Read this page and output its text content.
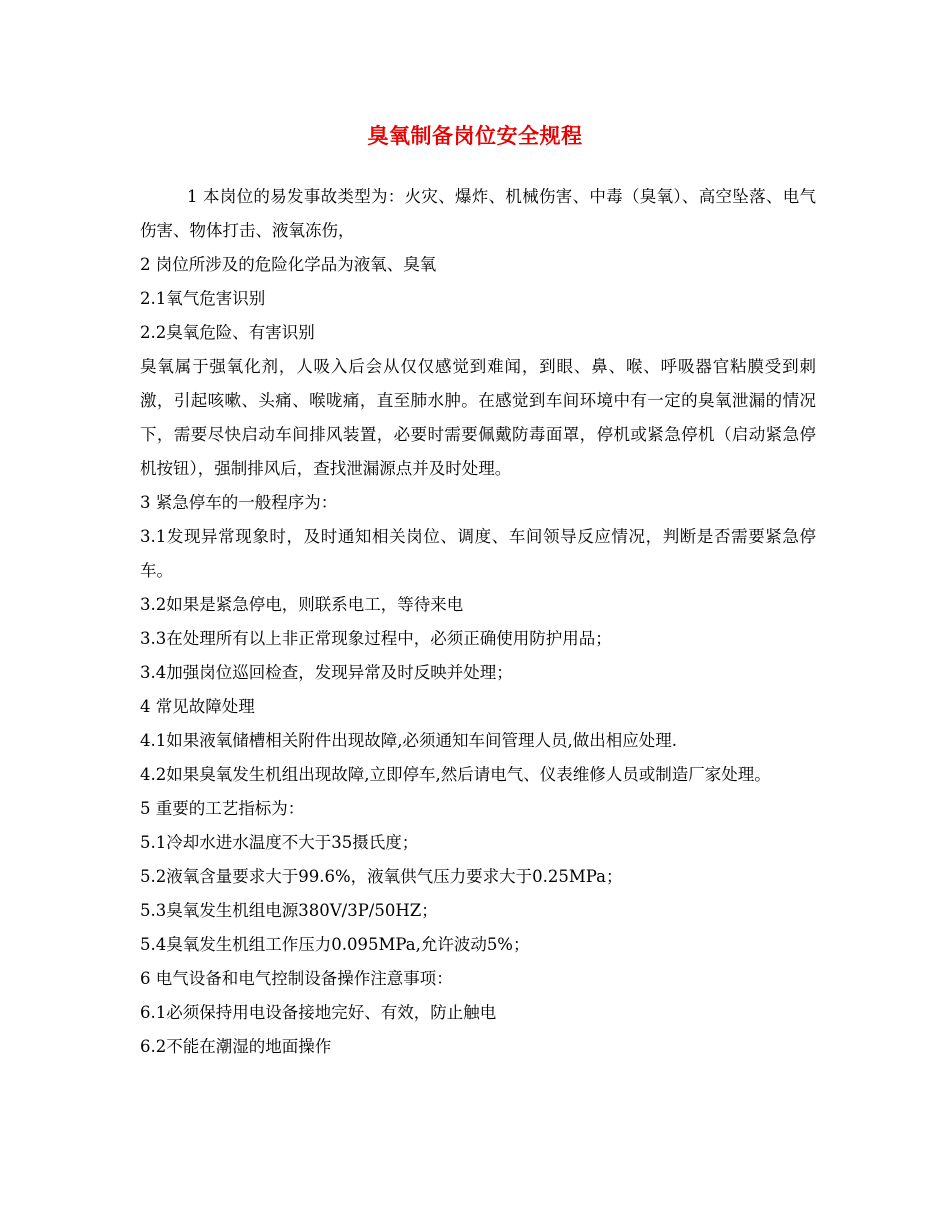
臭氧制备岗位安全规程

1 本岗位的易发事故类型为：火灾、爆炸、机械伤害、中毒（臭氧）、高空坠落、电气伤害、物体打击、液氧冻伤，

2 岗位所涉及的危险化学品为液氧、臭氧

2.1氧气危害识别

2.2臭氧危险、有害识别

臭氧属于强氧化剂，人吸入后会从仅仅感觉到难闻，到眼、鼻、喉、呼吸器官粘膜受到刺激，引起咳嗽、头痛、喉咙痛，直至肺水肿。在感觉到车间环境中有一定的臭氧泄漏的情况下，需要尽快启动车间排风装置，必要时需要佩戴防毒面罩，停机或紧急停机（启动紧急停机按钮），强制排风后，查找泄漏源点并及时处理。

3 紧急停车的一般程序为：

3.1发现异常现象时，及时通知相关岗位、调度、车间领导反应情况，判断是否需要紧急停车。

3.2如果是紧急停电，则联系电工，等待来电

3.3在处理所有以上非正常现象过程中，必须正确使用防护用品；

3.4加强岗位巡回检查，发现异常及时反映并处理；

4 常见故障处理

4.1如果液氧储槽相关附件出现故障,必须通知车间管理人员,做出相应处理.

4.2如果臭氧发生机组出现故障,立即停车,然后请电气、仪表维修人员或制造厂家处理。

5 重要的工艺指标为：

5.1冷却水进水温度不大于35摄氏度；

5.2液氧含量要求大于99.6%，液氧供气压力要求大于0.25MPa；

5.3臭氧发生机组电源380V/3P/50HZ；

5.4臭氧发生机组工作压力0.095MPa,允许波动5%；

6 电气设备和电气控制设备操作注意事项：

6.1必须保持用电设备接地完好、有效，防止触电

6.2不能在潮湿的地面操作
